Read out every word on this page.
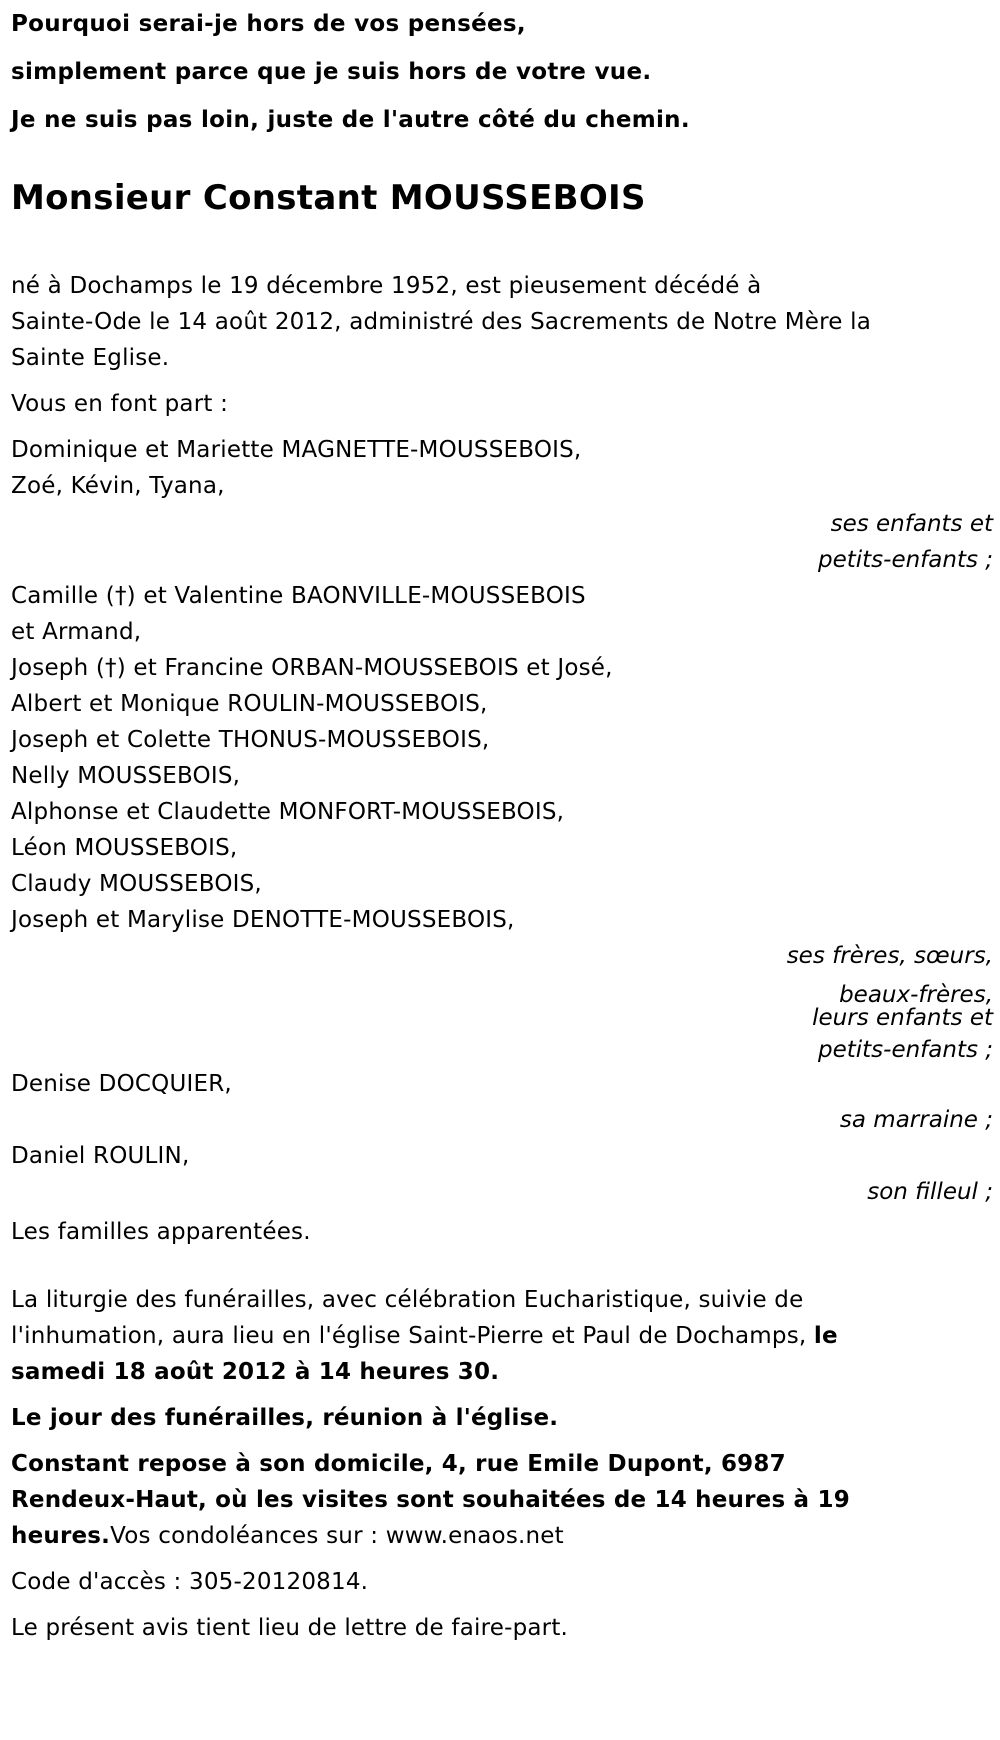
Pourquoi serai-je hors de vos pensées,
simplement parce que je suis hors de votre vue.
Je ne suis pas loin, juste de l'autre côté du chemin.
Monsieur Constant MOUSSEBOIS
né à Dochamps le 19 décembre 1952, est pieusement décédé à
Sainte-Ode le 14 août 2012, administré des Sacrements de Notre Mère la
Sainte Eglise.
Vous en font part :
Dominique et Mariette MAGNETTE-MOUSSEBOIS,
Zoé, Kévin, Tyana,
ses enfants et
petits-enfants ;
Camille (†) et Valentine BAONVILLE-MOUSSEBOIS
et Armand,
Joseph (†) et Francine ORBAN-MOUSSEBOIS et José,
Albert et Monique ROULIN-MOUSSEBOIS,
Joseph et Colette THONUS-MOUSSEBOIS,
Nelly MOUSSEBOIS,
Alphonse et Claudette MONFORT-MOUSSEBOIS,
Léon MOUSSEBOIS,
Claudy MOUSSEBOIS,
Joseph et Marylise DENOTTE-MOUSSEBOIS,
ses frères, sœurs,
beaux-frères,
leurs enfants et
petits-enfants ;
Denise DOCQUIER,
sa marraine ;
Daniel ROULIN,
son filleul ;
Les familles apparentées.
La liturgie des funérailles, avec célébration Eucharistique, suivie de
l'inhumation, aura lieu en l'église Saint-Pierre et Paul de Dochamps, le
samedi 18 août 2012 à 14 heures 30.
Le jour des funérailles, réunion à l'église.
Constant repose à son domicile, 4, rue Emile Dupont, 6987
Rendeux-Haut, où les visites sont souhaitées de 14 heures à 19
heures.Vos condoléances sur : www.enaos.net
Code d'accès : 305-20120814.
Le présent avis tient lieu de lettre de faire-part.
